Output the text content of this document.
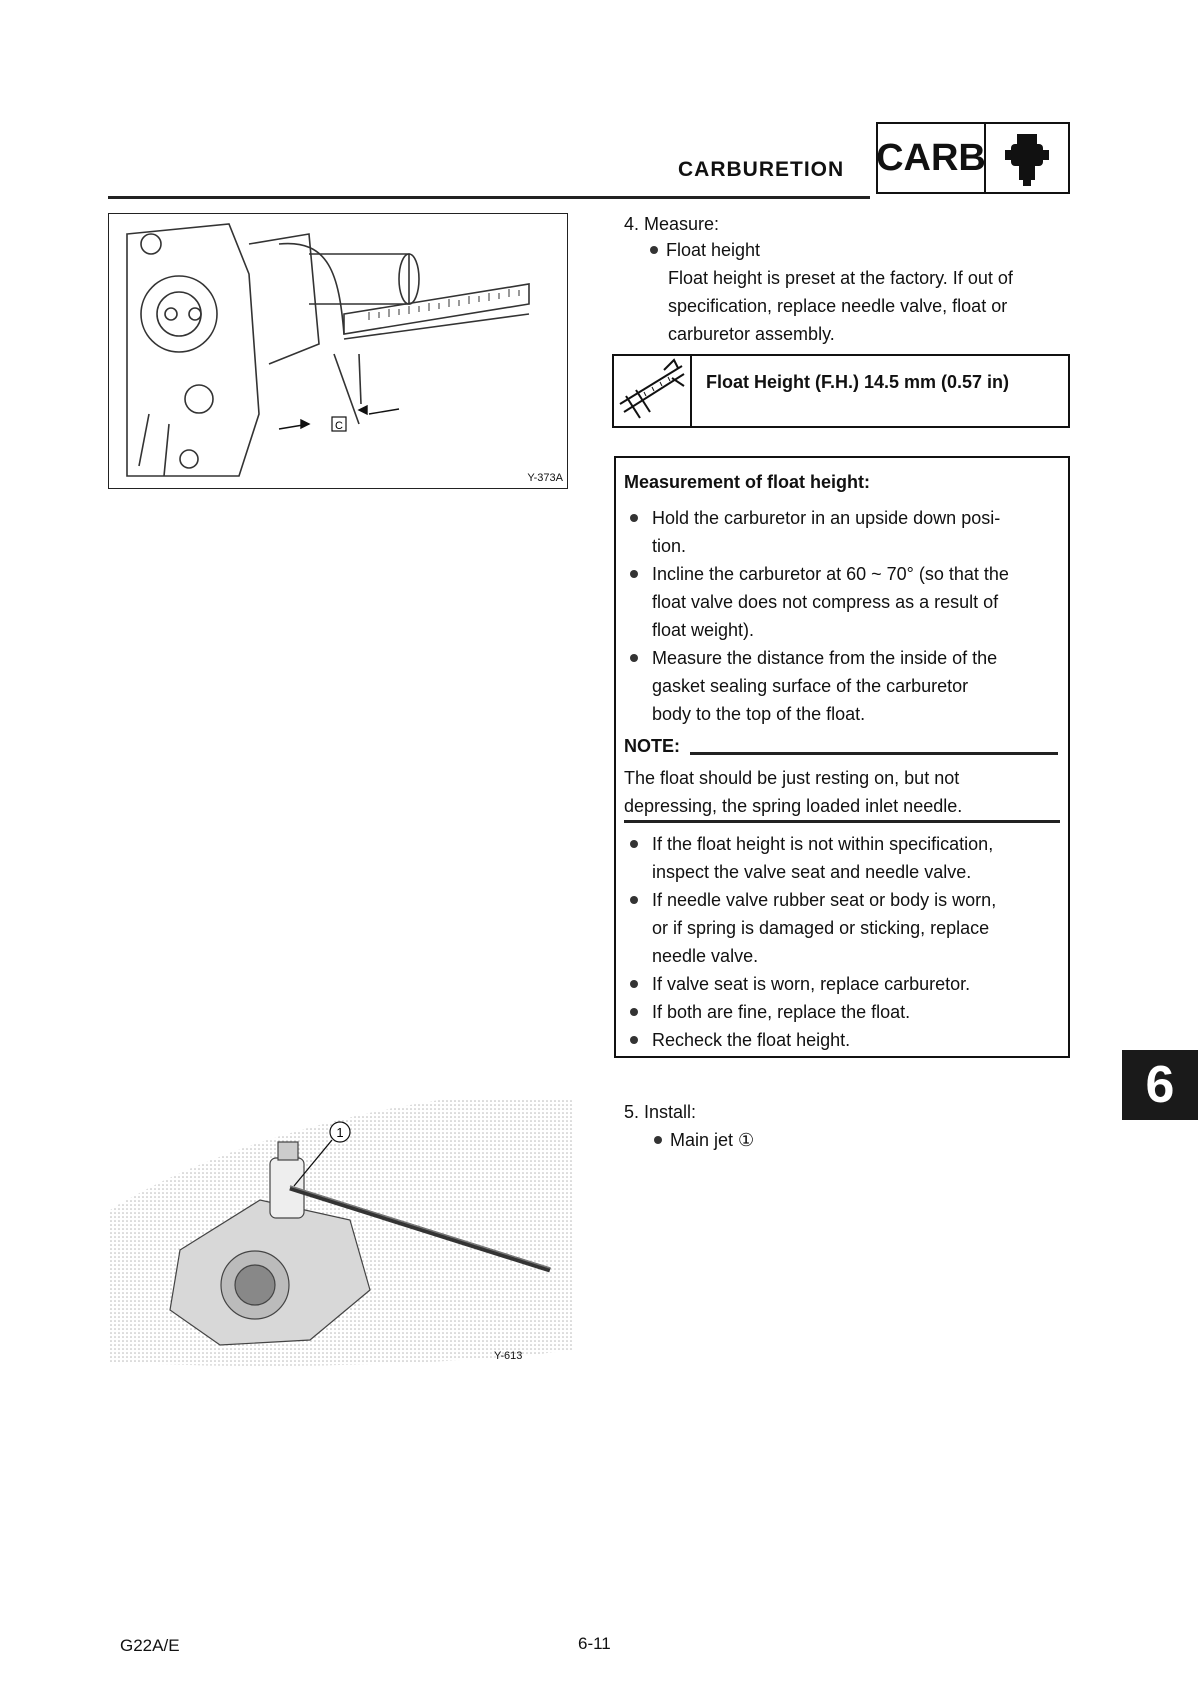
CARBURETION CARB
C
Y-373A
4. Measure:
Float height
Float height is preset at the factory. If out of
specification, replace needle valve, float or
carburetor assembly.
Float Height (F.H.) 14.5 mm (0.57 in)
Measurement of float height:
Hold the carburetor in an upside down posi-
tion.
Incline the carburetor at 60 ~ 70° (so that the
float valve does not compress as a result of
float weight).
Measure the distance from the inside of the
gasket sealing surface of the carburetor
body to the top of the float.
NOTE:
The float should be just resting on, but not
depressing, the spring loaded inlet needle.
If the float height is not within specification,
inspect the valve seat and needle valve.
If needle valve rubber seat or body is worn,
or if spring is damaged or sticking, replace
needle valve.
If valve seat is worn, replace carburetor.
If both are fine, replace the float.
Recheck the float height.
5. Install:
Main jet ①
1
Y-613
6
G22A/E	6-11
